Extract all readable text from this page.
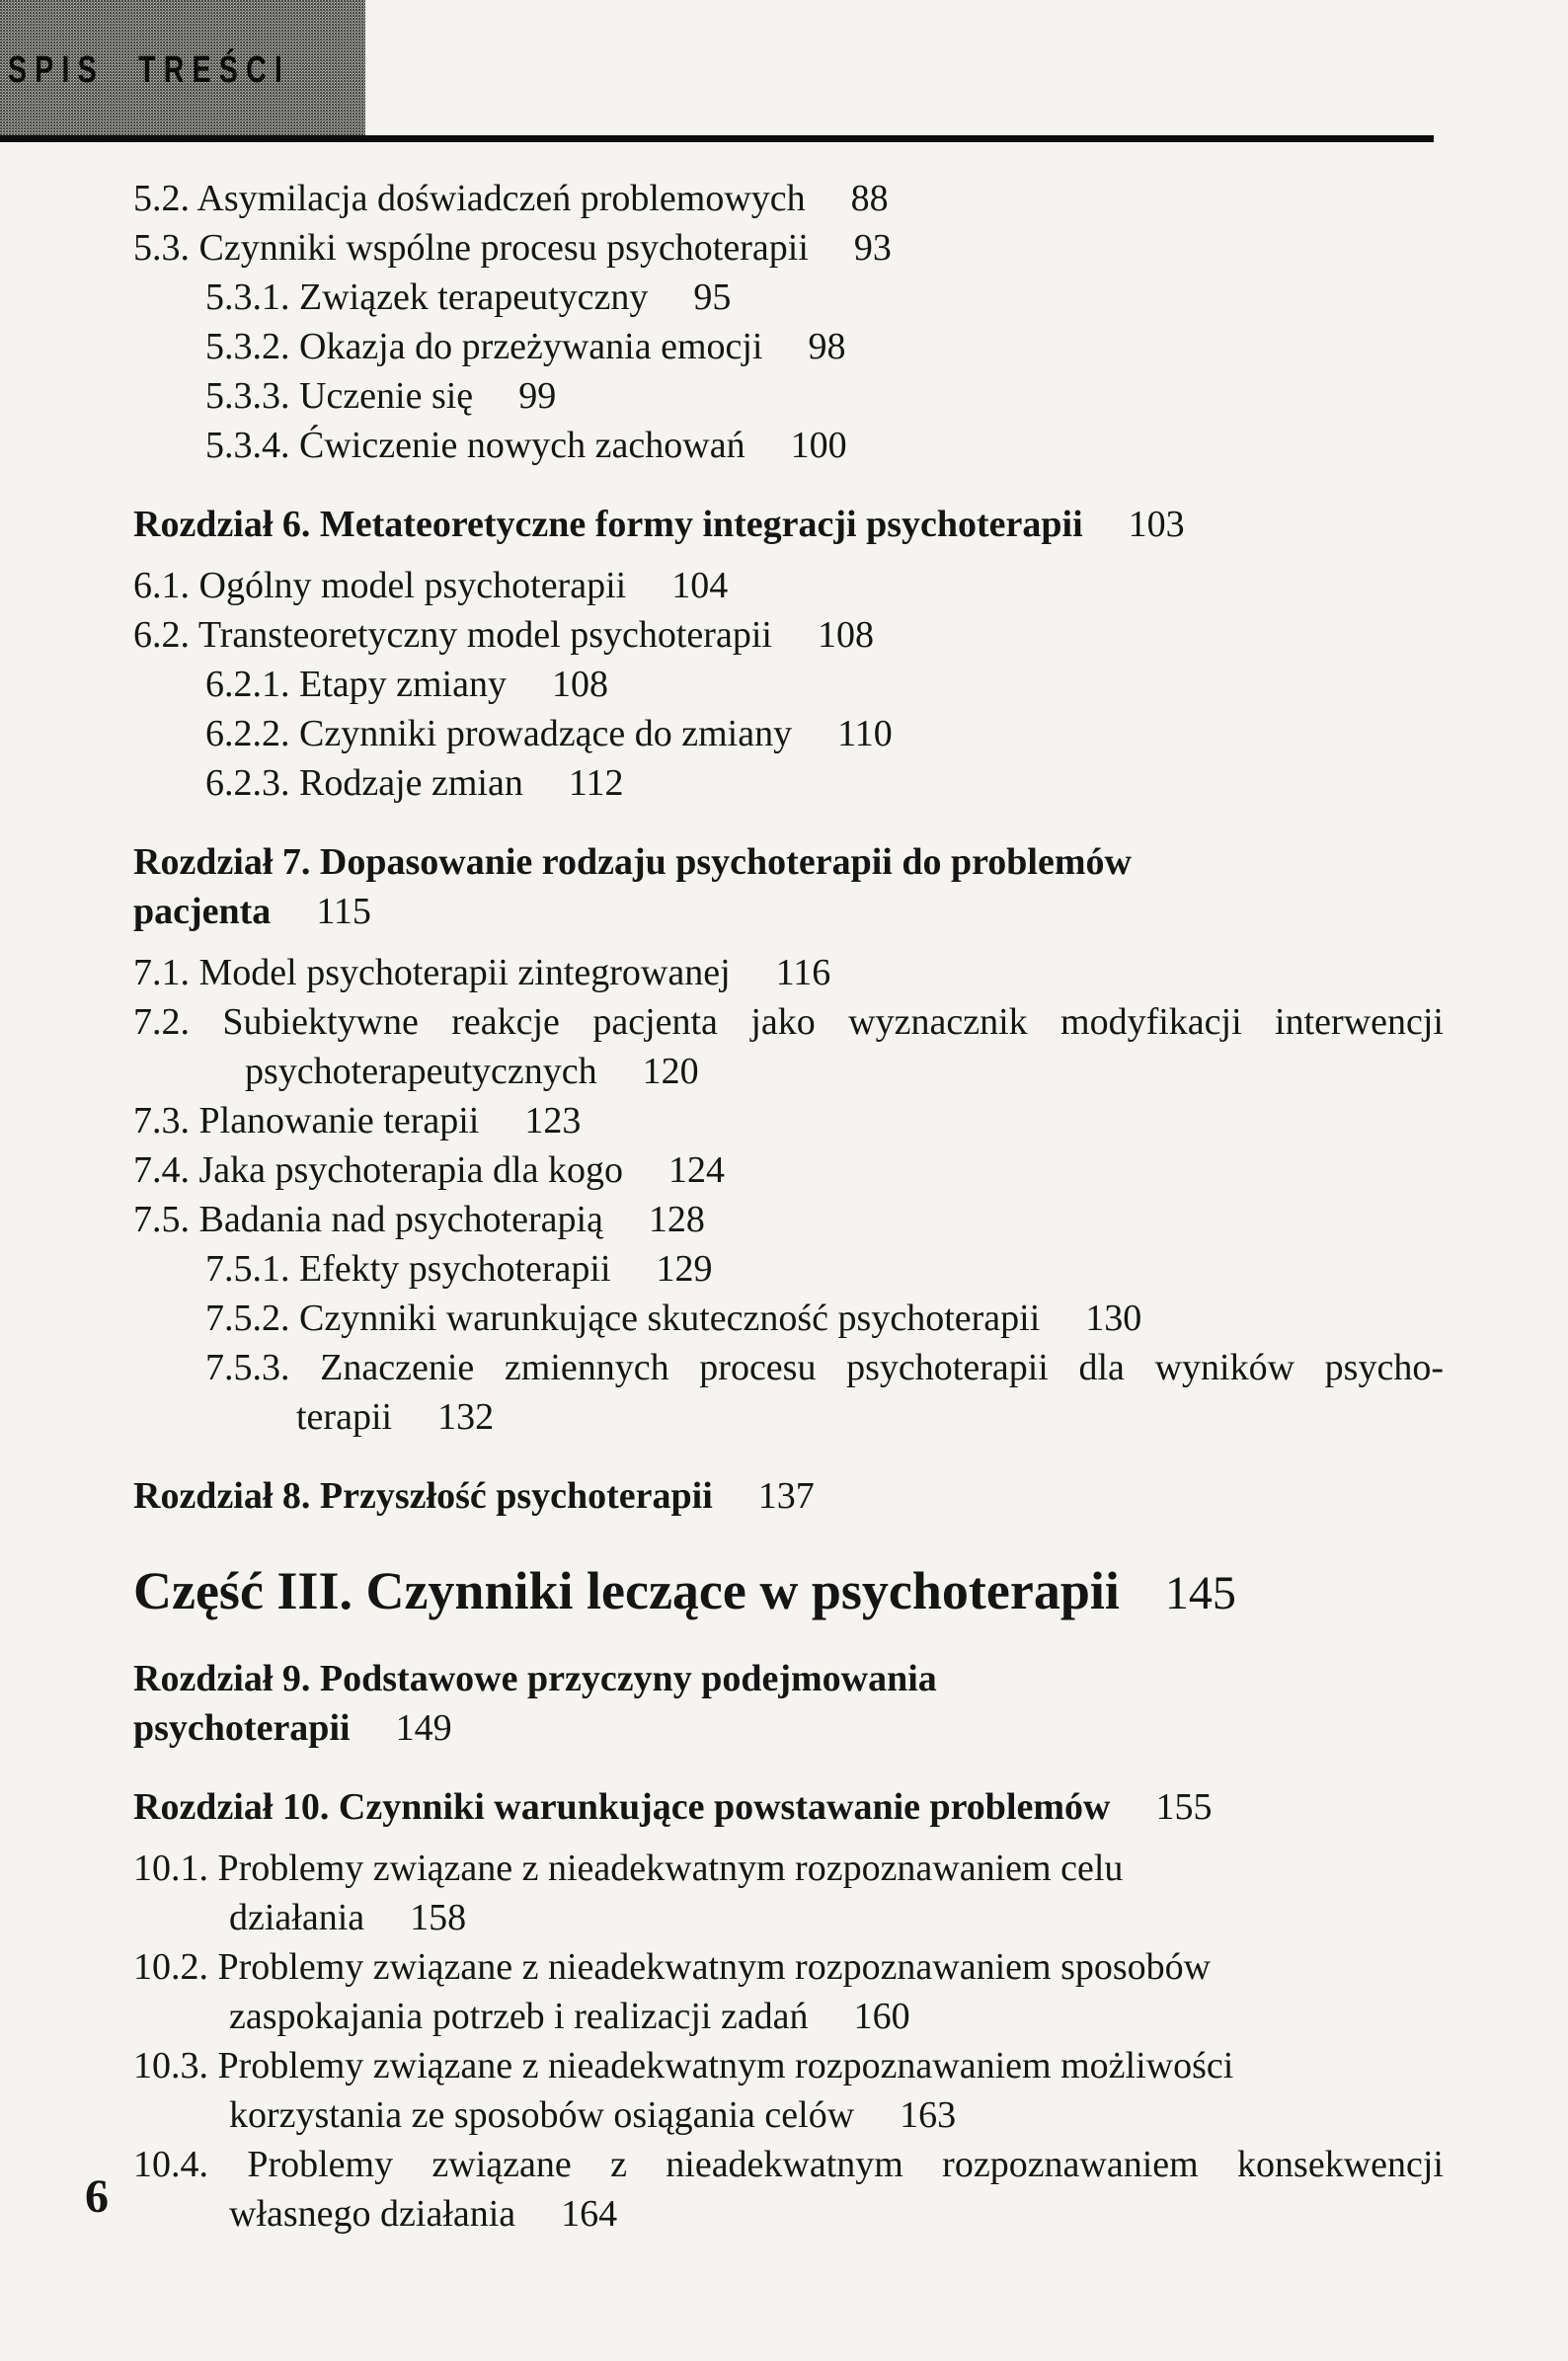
SPIS TREŚCI
5.2. Asymilacja doświadczeń problemowych 88
5.3. Czynniki wspólne procesu psychoterapii 93
5.3.1. Związek terapeutyczny 95
5.3.2. Okazja do przeżywania emocji 98
5.3.3. Uczenie się 99
5.3.4. Ćwiczenie nowych zachowań 100
Rozdział 6. Metateoretyczne formy integracji psychoterapii 103
6.1. Ogólny model psychoterapii 104
6.2. Transteoretyczny model psychoterapii 108
6.2.1. Etapy zmiany 108
6.2.2. Czynniki prowadzące do zmiany 110
6.2.3. Rodzaje zmian 112
Rozdział 7. Dopasowanie rodzaju psychoterapii do problemów
pacjenta 115
7.1. Model psychoterapii zintegrowanej 116
7.2. Subiektywne reakcje pacjenta jako wyznacznik modyfikacji interwencji
psychoterapeutycznych 120
7.3. Planowanie terapii 123
7.4. Jaka psychoterapia dla kogo 124
7.5. Badania nad psychoterapią 128
7.5.1. Efekty psychoterapii 129
7.5.2. Czynniki warunkujące skuteczność psychoterapii 130
7.5.3. Znaczenie zmiennych procesu psychoterapii dla wyników psycho-
terapii 132
Rozdział 8. Przyszłość psychoterapii 137
Część III. Czynniki leczące w psychoterapii 145
Rozdział 9. Podstawowe przyczyny podejmowania
psychoterapii 149
Rozdział 10. Czynniki warunkujące powstawanie problemów 155
10.1. Problemy związane z nieadekwatnym rozpoznawaniem celu
działania 158
10.2. Problemy związane z nieadekwatnym rozpoznawaniem sposobów
zaspokajania potrzeb i realizacji zadań 160
10.3. Problemy związane z nieadekwatnym rozpoznawaniem możliwości
korzystania ze sposobów osiągania celów 163
10.4. Problemy związane z nieadekwatnym rozpoznawaniem konsekwencji
własnego działania 164
6
